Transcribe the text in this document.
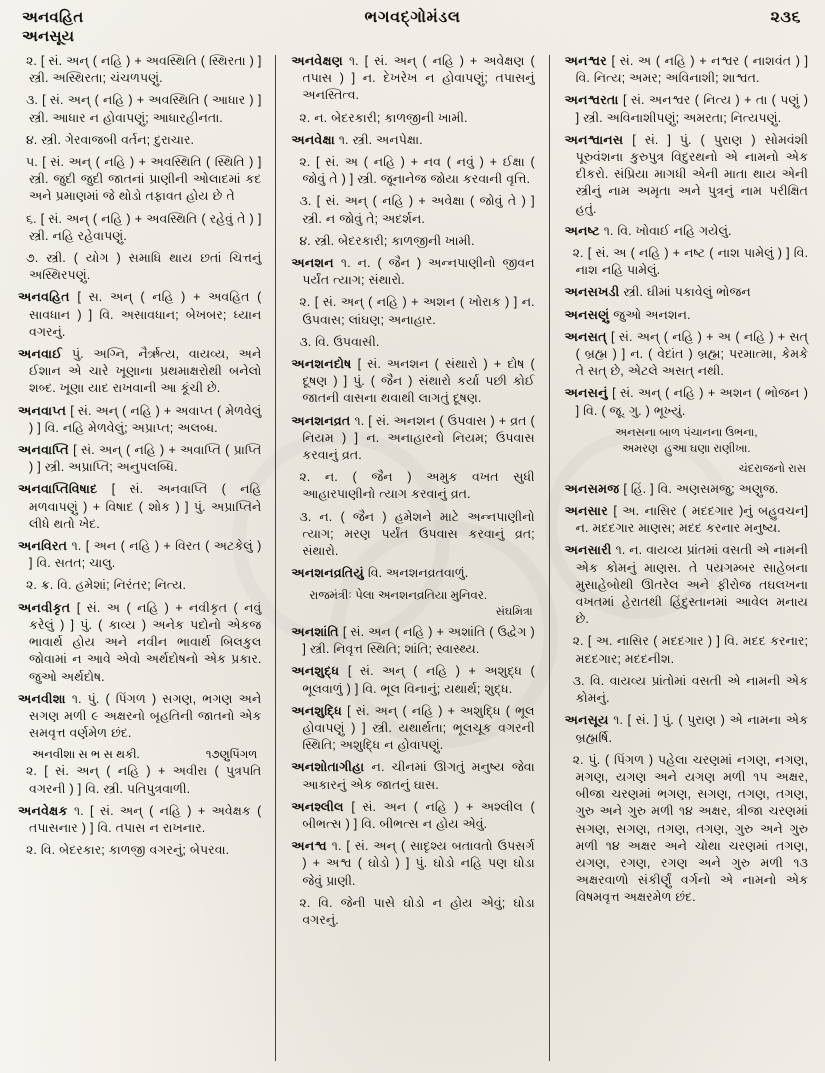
અનવહિત
અનસૂય
ભગવદ્ગોમંડલ	૨૩૬

૨. [ સં. અન્ ( નહિ ) + અવસ્થિતિ ( સ્થિરતા ) ] સ્ત્રી. અસ્થિરતા; ચંચળપણું.

૩. [ સં. અન્ ( નહિ ) + અવસ્થિતિ ( આધાર ) ] સ્ત્રી. આધાર ન હોવાપણું; આધારહીનતા.

૪. સ્ત્રી. ગેરવાજબી વર્તન; દુરાચાર.

૫. [ સં. અન્ ( નહિ ) + અવસ્થિતિ ( સ્થિતિ ) ] સ્ત્રી. જુદી જુદી જાતનાં પ્રાણીની ઓલાદમાં કદ અને પ્રમાણમાં જે થોડો તફાવત હોય છે તે

૬. [ સં. અન્ ( નહિ ) + અવસ્થિતિ ( રહેવું તે ) ] સ્ત્રી. નહિ રહેવાપણું.

૭. સ્ત્રી. ( યોગ ) સમાધિ થાય છતાં ચિત્તનું અસ્થિરપણું.

અનવહિત [ સ. અન્ ( નહિ ) + અવહિત ( સાવધાન ) ] વિ. અસાવધાન; બેખબર; ધ્યાન વગરનું.

અનવાઈ પું. અગ્નિ, નૈર્ઋત્ય, વાયવ્ય, અને ઈશાન એ ચારે ખૂણાના પ્રથમાક્ષરોથી બનેલો શબ્દ. ખૂણા યાદ રાખવાની આ કૂંચી છે.

અનવાપ્ત [ સં. અન્ ( નહિ ) + અવાપ્ત ( મેળવેલું ) ] વિ. નહિ મેળવેલું; અપ્રાપ્ત; અલબ્ધ.

અનવાપ્તિ [ સં. અન્ ( નહિ ) + અવાપ્તિ ( પ્રાપ્તિ ) ] સ્ત્રી. અપ્રાપ્તિ; અનુપલબ્ધિ.

અનવાપ્તિવિષાદ [ સં. અનવાપ્તિ ( નહિ મળવાપણું ) + વિષાદ ( શોક ) ] પું. અપ્રાપ્તિને લીધે થતો ખેદ.

અનવિરત ૧. [ અન ( નહિ ) + વિરત ( અટકેલું ) ] વિ. સતત; ચાલુ.

૨. ક્ર. વિ. હમેશાં; નિરંતર; નિત્ય.

અનવીકૃત [ સં. અ ( નહિ ) + નવીકૃત ( નવું કરેલું ) ] પું. ( કાવ્ય ) અનેક પદોનો એકજ ભાવાર્થ હોય અને નવીન ભાવાર્થ બિલકુલ જોવામાં ન આવે એવો અર્થદોષનો એક પ્રકાર. જુઓ અર્થદોષ.

અનવીશા ૧. પું. ( પિંગળ ) સગણ, ભગણ અને સગણ મળી ૯ અક્ષરનો બૃહતિની જાતનો એક સમવૃત્ત વર્ણમેળ છંદ.

અનવીશા સ ભ સ થકી.	૧૭ણુપિંગળ

૨. [ સં. અન્ ( નહિ ) + અવીરા ( પુત્રપતિ વગરની ) ] વિ. સ્ત્રી. પતિપુત્રવાળી.

અનવેક્ષક ૧. [ સં. અન્ ( નહિ ) + અવેક્ષક ( તપાસનાર ) ] વિ. તપાસ ન રાખનાર.

૨. વિ. બેદરકાર; કાળજી વગરનું; બેપરવા.

અનવેક્ષણ ૧. [ સં. અન્ ( નહિ ) + અવેક્ષણ ( તપાસ ) ] ન. દેખરેખ ન હોવાપણું; તપાસનું અનસ્તિત્વ.

૨. ન. બેદરકારી; કાળજીની ખામી.

અનવેક્ષા ૧. સ્ત્રી. અનપેક્ષા.

૨. [ સં. અ ( નહિ ) + નવ ( નવું ) + ઈક્ષા ( જોવું તે ) ] સ્ત્રી. જૂનાનેજ જોયા કરવાની વૃત્તિ.

૩. [ સં. અન્ ( નહિ ) + અવેક્ષા ( જોવું તે ) ] સ્ત્રી. ન જોવું તે; અદર્શન.

૪. સ્ત્રી. બેદરકારી; કાળજીની ખામી.

અનશન ૧. ન. ( જૈન ) અન્નપાણીનો જીવન પર્યંત ત્યાગ; સંથારો.

૨. [ સં. અન્ ( નહિ ) + અશન ( ખોરાક ) ] ન. ઉપવાસ; લાંઘણ; અનાહાર.

૩. વિ. ઉપવાસી.

અનશનદોષ [ સં. અનશન ( સંથારો ) + દોષ ( દૂષણ ) ] પું. ( જૈન ) સંથારો કર્યા પછી કોઈ જાતની વાસના થવાથી લાગતું દૂષણ.

અનશનવ્રત ૧. [ સં. અનશન ( ઉપવાસ ) + વ્રત ( નિયમ ) ] ન. અનાહારનો નિયમ; ઉપવાસ કરવાનું વ્રત.

૨. ન. ( જૈન ) અમુક વખત સુધી આહારપાણીનો ત્યાગ કરવાનું વ્રત.

૩. ન. ( જૈન ) હમેશને માટે અન્નપાણીનો ત્યાગ; મરણ પર્યંત ઉપવાસ કરવાનું વ્રત; સંથારો.

અનશનવ્રતિયું વિ. અનશનવ્રતવાળું.

રાજમંત્રીઃ પેલા અનશનવ્રતિયા મુનિવર.
સંઘમિત્રા

અનશાંતિ [ સં. અન ( નહિ ) + અશાંતિ ( ઉદ્વેગ ) ] સ્ત્રી. નિવૃત્ત સ્થિતિ; શાંતિ; સ્વાસ્થ્ય.

અનશુદ્ધ [ સં. અન્ ( નહિ ) + અશુદ્ધ ( ભૂલવાળું ) ] વિ. ભૂલ વિનાનું; યથાર્થ; શુદ્ધ.

અનશુદ્ધિ [ સં. અન્ ( નહિ ) + અશુદ્ધિ ( ભૂલ હોવાપણું ) ] સ્ત્રી. યથાર્થતા; ભૂલચૂક વગરની સ્થિતિ; અશુદ્ધિ ન હોવાપણું.

અનશોતાગીહા ન. ચીનમાં ઊગતું મનુષ્ય જેવા આકારનું એક જાતનું ઘાસ.

અનશ્લીલ [ સં. અન ( નહિ ) + અશ્લીલ ( બીભત્સ ) ] વિ. બીભત્સ ન હોય એવું.

અનશ્વ ૧. [ સં. અન્ ( સાદૃશ્ય બતાવતો ઉપસર્ગ ) + અશ્વ ( ઘોડો ) ] પું. ઘોડો નહિ પણ ઘોડા જેવું પ્રાણી.

૨. વિ. જેની પાસે ઘોડો ન હોય એવું; ઘોડા વગરનું.

અનશ્વર [ સં. અ ( નહિ ) + નશ્વર ( નાશવંત ) ] વિ. નિત્ય; અમર; અવિનાશી; શાશ્વત.

અનશ્વરતા [ સં. અનશ્વર ( નિત્ય ) + તા ( પણું ) ] સ્ત્રી. અવિનાશીપણું; અમરતા; નિત્યપણું.

અનશ્વાનસ [ સં. ] પું. ( પુરાણ ) સોમવંશી પૂરુવંશના કુરુપુત્ર વિદુરથનો એ નામનો એક દીકરો. સંપ્રિયા માગધી એની માતા થાય એની સ્ત્રીનું નામ અમૃતા અને પુત્રનું નામ પરીક્ષિત હતું.

અનષ્ટ ૧. વિ. ખોવાઈ નહિ ગયેલું.

૨. [ સં. અ ( નહિ ) + નષ્ટ ( નાશ પામેલું ) ] વિ. નાશ નહિ પામેલું.

અનસખડી સ્ત્રી. ઘીમાં પકાવેલું ભોજન

અનસણું જુઓ અનશન.

અનસત્ [ સં. અન્ ( નહિ ) + અ ( નહિ ) + સત્ ( બ્રહ્મ ) ] ન. ( વેદાંત ) બ્રહ્મ; પરમાત્મા, કેમકે તે સત્ છે, એટલે અસત્ નથી.

અનસનું [ સં. અન્ ( નહિ ) + અશન ( ભોજન ) ] વિ. ( જૂ. ગુ. ) ભૂખ્યું.

અનસના બાળ પંચાનના ઉભના,
અમરણ  હુઆ ઘણા રાણીખા.
ચંદરાજનો રાસ

અનસમજ [ હિં. ] વિ. અણસમજુ; અણુજ.

અનસાર [ અ. નાસિર ( મદદગાર )નું બહુવચન] ન. મદદગાર માણસ; મદદ કરનાર મનુષ્ય.

અનસારી ૧. ન. વાયવ્ય પ્રાંતમાં વસતી એ નામની એક કોમનું માણસ. તે પયગમ્બર સાહેબના મુસાહેબોથી ઊતરેલ અને ફીરોજ તઘલખના વખતમાં હેરાતથી હિંદુસ્તાનમાં આવેલ મનાય છે.

૨. [ અ. નાસિર ( મદદગાર ) ] વિ. મદદ કરનાર; મદદગાર; મદદનીશ.

૩. વિ. વાયવ્ય પ્રાંતોમાં વસતી એ નામની એક કોમનું.

અનસૂય ૧. [ સં. ] પું. ( પુરાણ ) એ નામના એક બ્રહ્મર્ષિ.

૨. પું. ( પિંગળ ) પહેલા ચરણમાં નગણ, નગણ, મગણ, યગણ અને યગણ મળી ૧૫ અક્ષર, બીજા ચરણમાં ભગણ, સગણ, તગણ, તગણ, ગુરુ અને ગુરુ મળી ૧૪ અક્ષર, ત્રીજા ચરણમાં સગણ, સગણ, તગણ, તગણ, ગુરુ અને ગુરુ મળી ૧૪ અક્ષર અને ચોથા ચરણમાં તગણ, યગણ, રગણ, રગણ અને ગુરુ મળી ૧૩ અક્ષરવાળો સંકીર્ણું વર્ગનો એ નામનો એક વિષમવૃત્ત અક્ષરમેળ છંદ.
